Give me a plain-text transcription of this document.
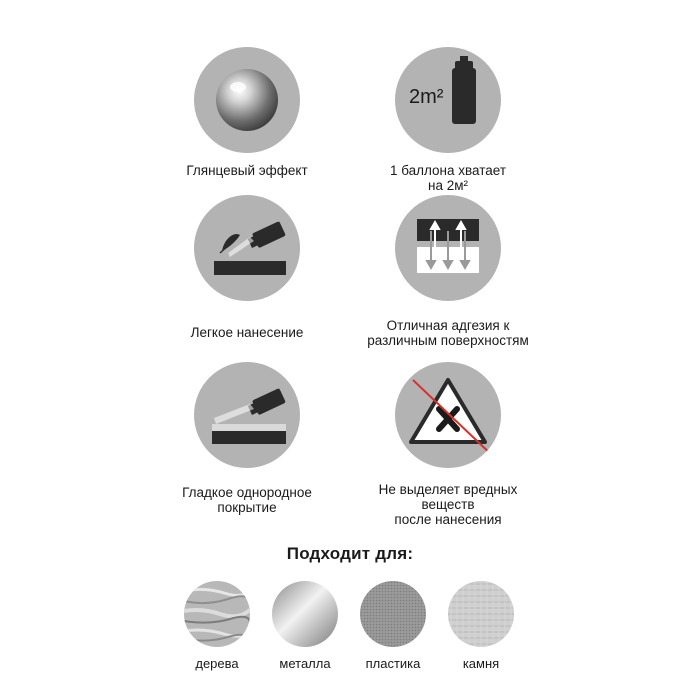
Глянцевый эффект
2m²
1 баллона хватает
на 2м²
Легкое нанесение	Отличная адгезия к
различным поверхностям
Гладкое однородное
покрытие
Не выделяет вредных
веществ
после нанесения
Подходит для:
дерева	металла	пластика	камня
